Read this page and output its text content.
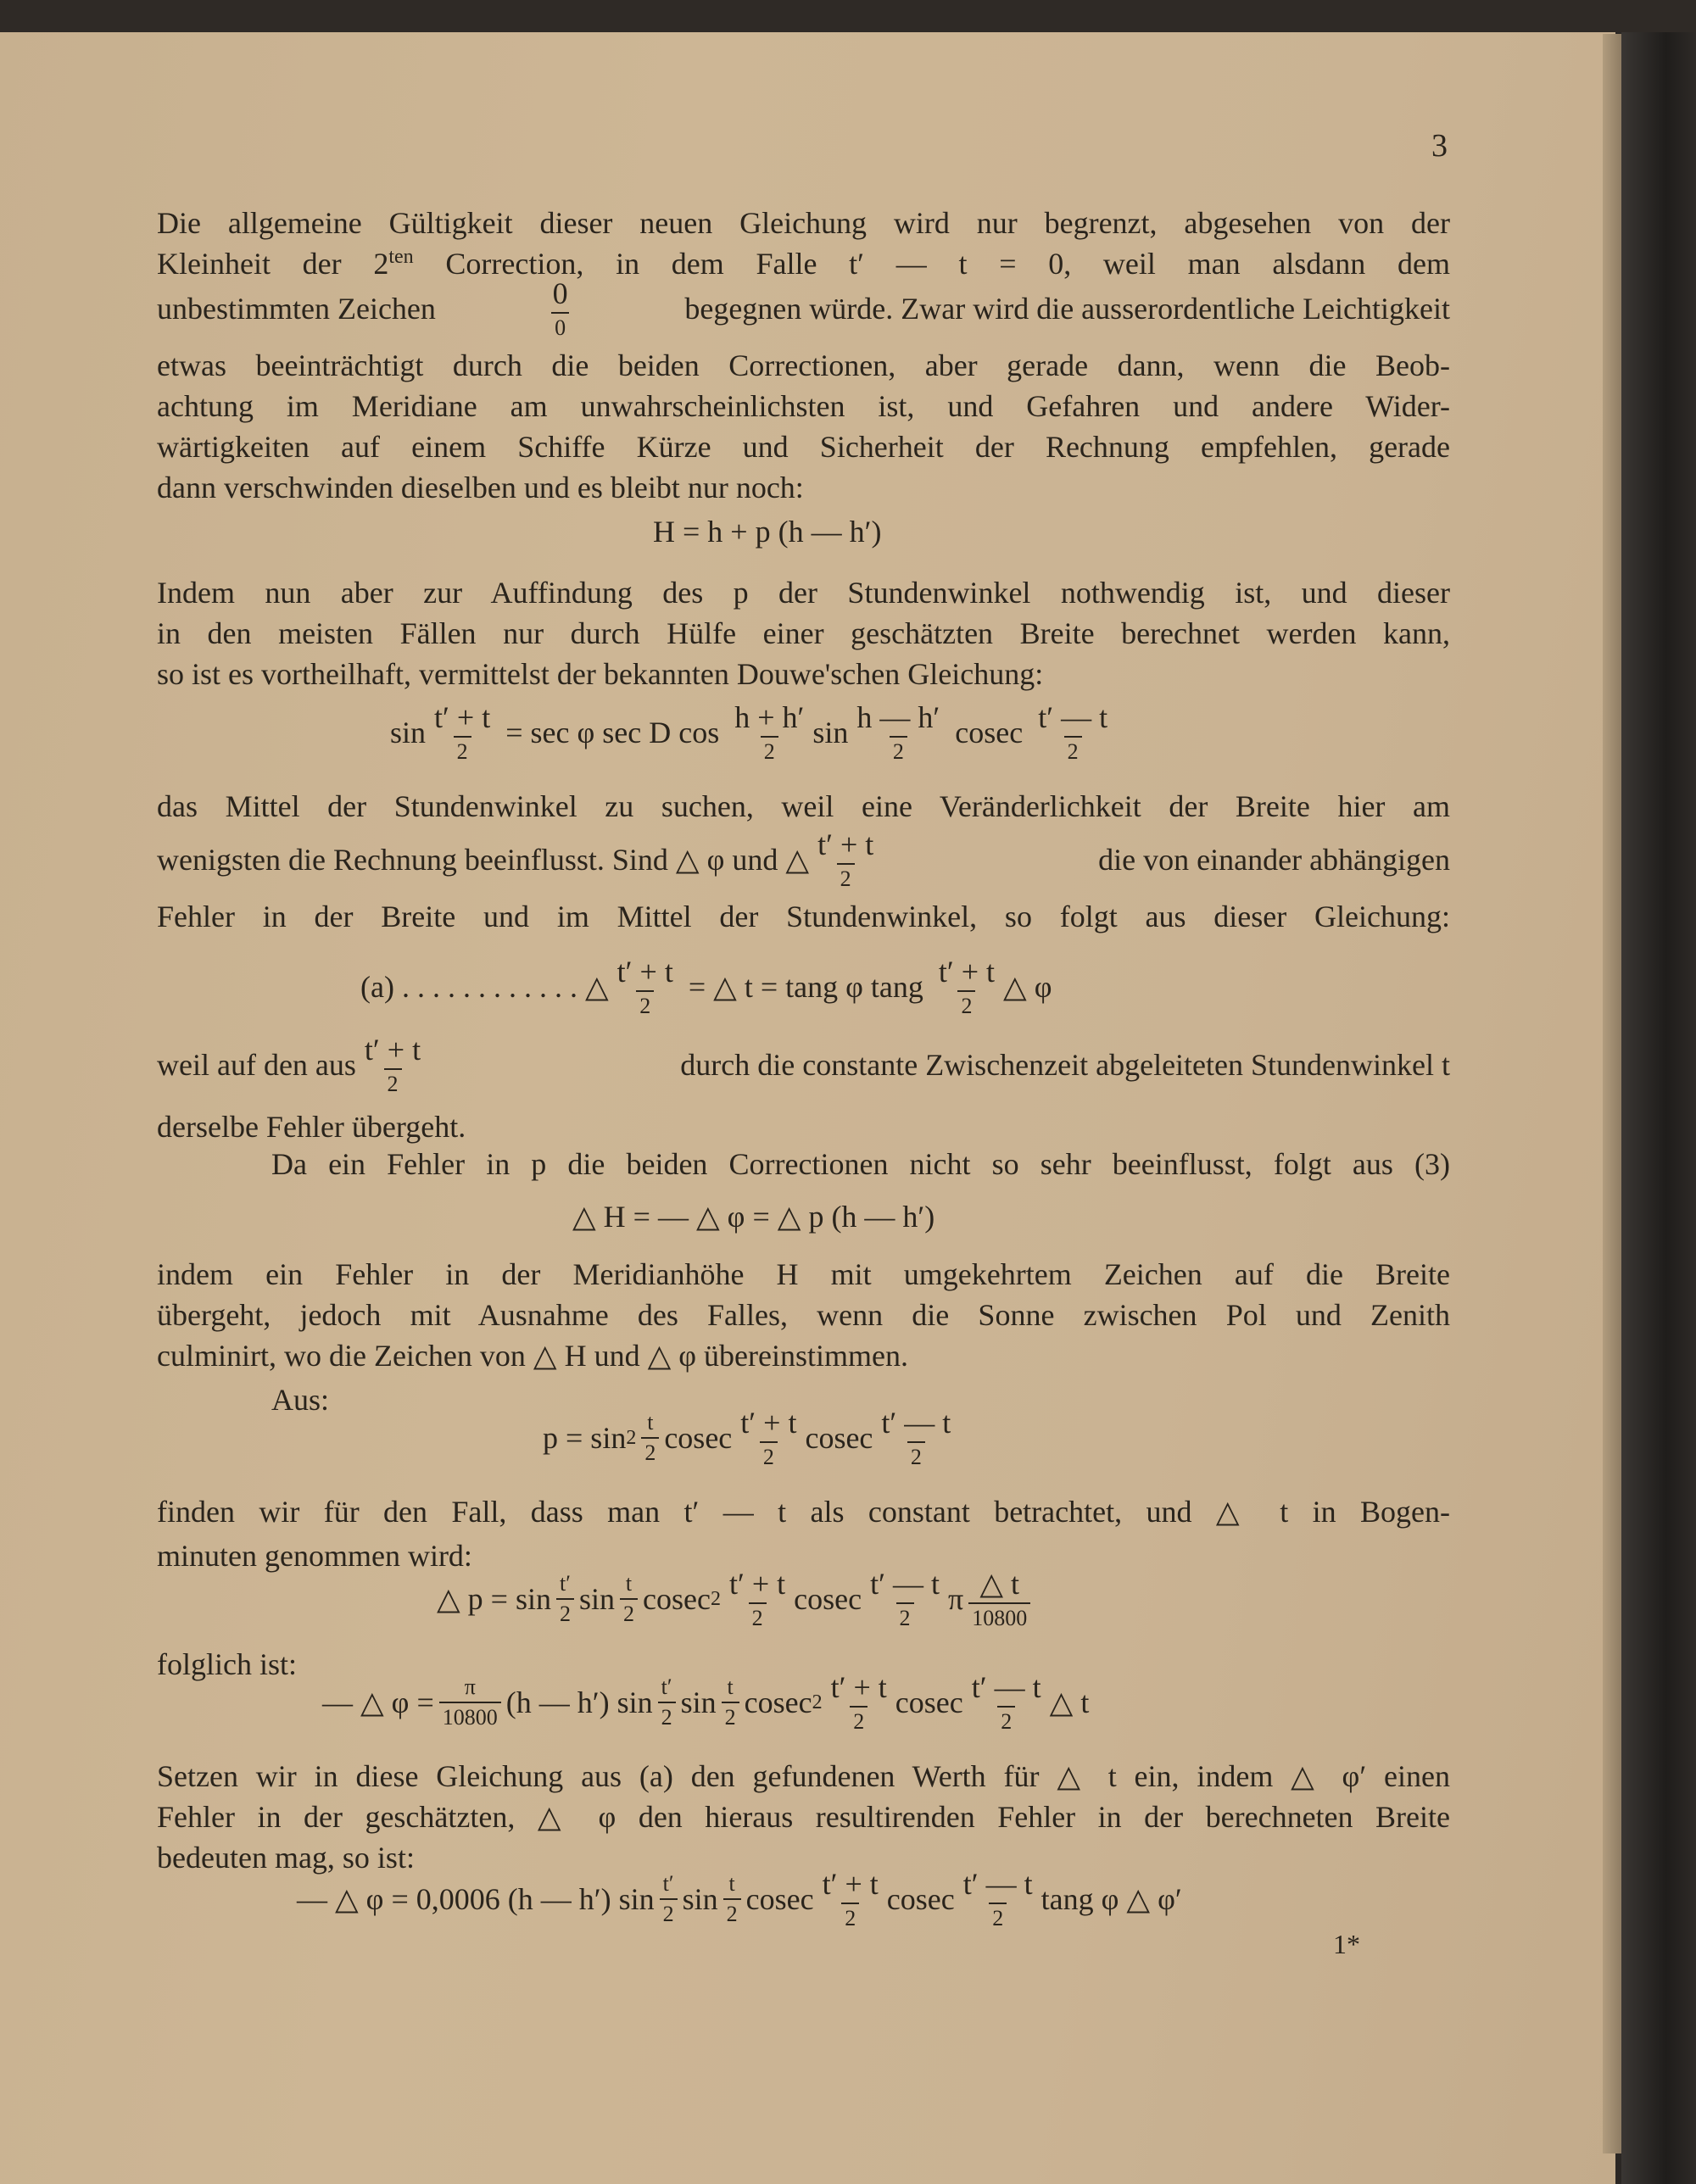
3
Die allgemeine Gültigkeit dieser neuen Gleichung wird nur begrenzt, abgesehen von der
Kleinheit der $2^{ten}$ Correction, in dem Falle t′ — t = 0, weil man alsdann dem
unbestimmten Zeichen	$\frac{0}{0}$	begegnen würde. Zwar wird die ausserordentliche Leichtigkeit
etwas beeinträchtigt durch die beiden Correctionen, aber gerade dann, wenn die Beob-
achtung im Meridiane am unwahrscheinlichsten ist, und Gefahren und andere Wider-
wärtigkeiten auf einem Schiffe Kürze und Sicherheit der Rechnung empfehlen, gerade
dann verschwinden dieselben und es bleibt nur noch:
H = h + p (h — h′)
Indem nun aber zur Auffindung des p der Stundenwinkel nothwendig ist, und dieser
in den meisten Fällen nur durch Hülfe einer geschätzten Breite berechnet werden kann,
so ist es vortheilhaft, vermittelst der bekannten Douwe'schen Gleichung:
$\sin \frac{t' + t}{2} = \sec \varphi$ sec D $\cos \frac{h + h'}{2}$ $\sin \frac{h — h'}{2}$ cosec $\frac{t' — t}{2}$
das Mittel der Stundenwinkel zu suchen, weil eine Veränderlichkeit der Breite hier am
wenigsten die Rechnung beeinflusst. Sind △ φ und △ $\frac{t' + t}{2}$	die von einander abhängigen
Fehler in der Breite und im Mittel der Stundenwinkel, so folgt aus dieser Gleichung:
(a) . . . . . . . . . . . . △ $\frac{t' + t}{2}$ = △ t = tang φ tang $\frac{t' + t}{2}$ △ φ
weil auf den aus $\frac{t' + t}{2}$	durch die constante Zwischenzeit abgeleiteten Stundenwinkel t
derselbe Fehler übergeht.
Da ein Fehler in p die beiden Correctionen nicht so sehr beeinflusst, folgt aus (3)
△ H = — △ φ = △ p (h — h′)
indem ein Fehler in der Meridianhöhe H mit umgekehrtem Zeichen auf die Breite
übergeht, jedoch mit Ausnahme des Falles, wenn die Sonne zwischen Pol und Zenith
culminirt, wo die Zeichen von △ H und △ φ übereinstimmen.
Aus:
$p = \sin 2 \frac{t}{2}$ cosec $\frac{t' + t}{2}$ cosec $\frac{t' — t}{2}$
finden wir für den Fall, dass man t′ — t als constant betrachtet, und △ t in Bogen-
minuten genommen wird:
△ $p = \sin \frac{t'}{2}$ $\sin \frac{t}{2}$ cosec $2 \frac{t' + t}{2}$ cosec $\frac{t' — t}{2}$ π $\frac{\triangle t}{10800}$
folglich ist:
— △ $\varphi = \frac{\pi}{10800} (h$ — h′) $\sin \frac{t'}{2}$ $\sin \frac{t}{2}$ cosec $2 \frac{t' + t}{2}$ cosec $\frac{t' — t}{2}$ △ t
Setzen wir in diese Gleichung aus (a) den gefundenen Werth für △ t ein, indem △ φ′ einen
Fehler in der geschätzten, △ φ den hieraus resultirenden Fehler in der berechneten Breite
bedeuten mag, so ist:
— △ φ = 0,0006 (h — h′) $\sin \frac{t'}{2}$ $\sin \frac{t}{2}$ cosec $\frac{t' + t}{2}$ cosec $\frac{t' — t}{2}$ tang φ △ φ′
1*
